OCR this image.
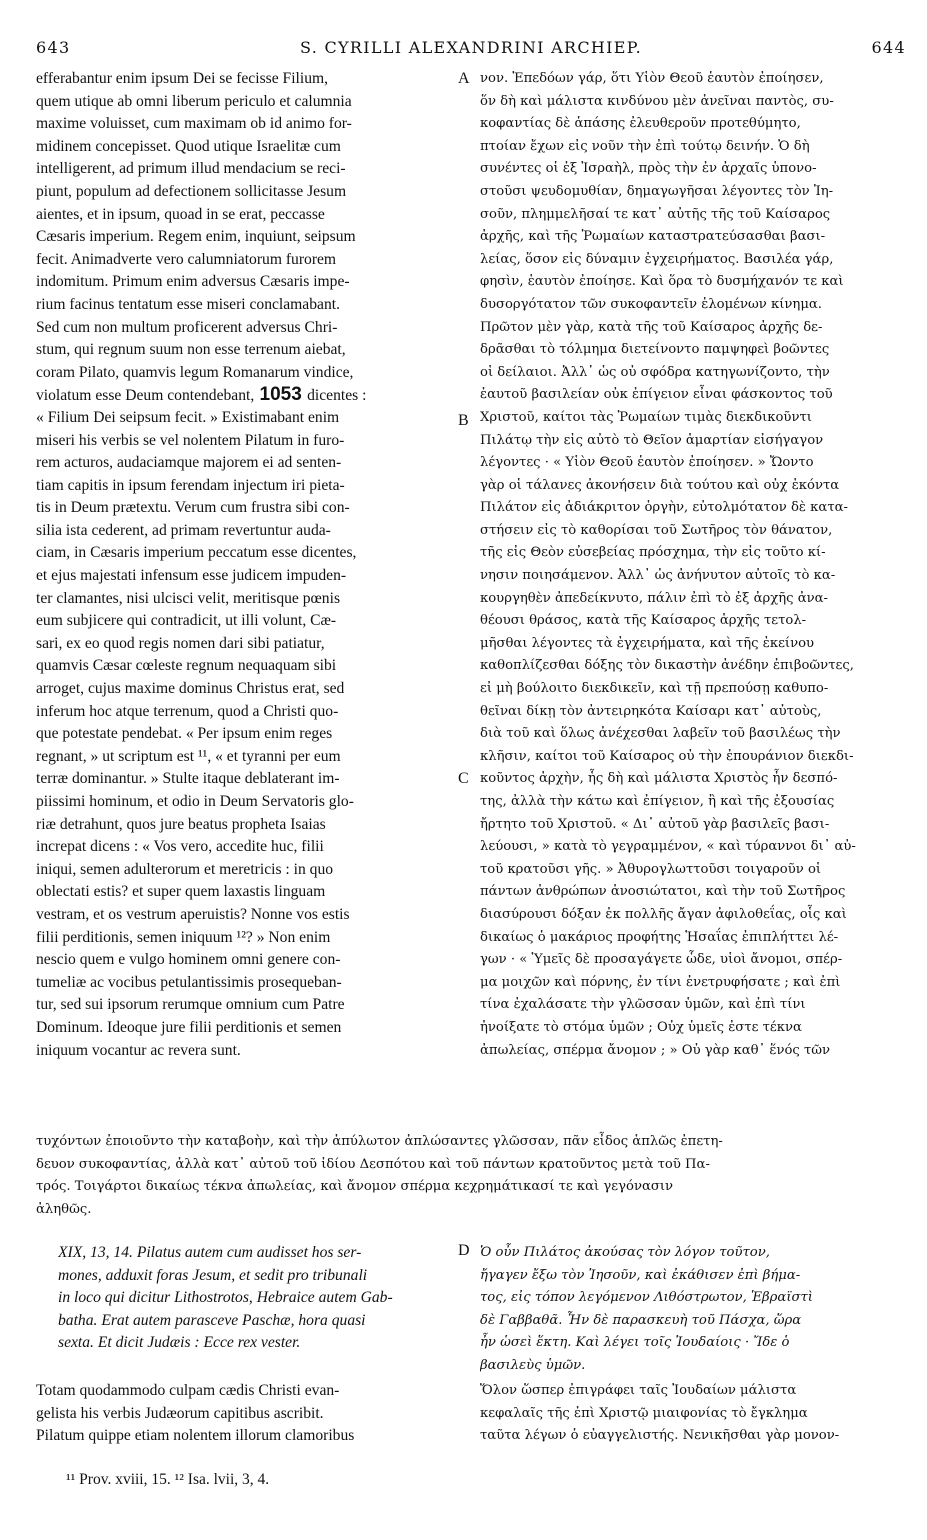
643	S. CYRILLI ALEXANDRINI ARCHIEP.	644
efferabantur enim ipsum Dei se fecisse Filium,
quem utique ab omni liberum periculo et calumnia
maxime voluisset, cum maximam ob id animo for-
midinem concepisset. Quod utique Israelitæ cum
intelligerent, ad primum illud mendacium se reci-
piunt, populum ad defectionem sollicitasse Jesum
aientes, et in ipsum, quoad in se erat, peccasse
Cæsaris imperium. Regem enim, inquiunt, seipsum
fecit. Animadverte vero calumniatorum furorem
indomitum. Primum enim adversus Cæsaris impe-
rium facinus tentatum esse miseri conclamabant.
Sed cum non multum proficerent adversus Chri-
stum, qui regnum suum non esse terrenum aiebat,
coram Pilato, quamvis legum Romanarum vindice,
violatum esse Deum contendebant, 1053 dicentes :
« Filium Dei seipsum fecit. » Existimabant enim
miseri his verbis se vel nolentem Pilatum in furo-
rem acturos, audaciamque majorem ei ad senten-
tiam capitis in ipsum ferendam injectum iri pieta-
tis in Deum prætextu. Verum cum frustra sibi con-
silia ista cederent, ad primam revertuntur auda-
ciam, in Cæsaris imperium peccatum esse dicentes,
et ejus majestati infensum esse judicem impuden-
ter clamantes, nisi ulcisci velit, meritisque pœnis
eum subjicere qui contradicit, ut illi volunt, Cæ-
sari, ex eo quod regis nomen dari sibi patiatur,
quamvis Cæsar cœleste regnum nequaquam sibi
arroget, cujus maxime dominus Christus erat, sed
inferum hoc atque terrenum, quod a Christi quo-
que potestate pendebat. « Per ipsum enim reges
regnant, » ut scriptum est ¹¹, « et tyranni per eum
terræ dominantur. » Stulte itaque deblaterant im-
piissimi hominum, et odio in Deum Servatoris glo-
riæ detrahunt, quos jure beatus propheta Isaias
increpat dicens : « Vos vero, accedite huc, filii
iniqui, semen adulterorum et meretricis : in quo
oblectati estis? et super quem laxastis linguam
vestram, et os vestrum aperuistis? Nonne vos estis
filii perditionis, semen iniquum ¹²? » Non enim
nescio quem e vulgo hominem omni genere con-
tumeliæ ac vocibus petulantissimis prosequeban-
tur, sed sui ipsorum rerumque omnium cum Patre
Dominum. Ideoque jure filii perditionis et semen
iniquum vocantur ac revera sunt.
νον. Ἐπεδόων γάρ, ὅτι Υἱὸν Θεοῦ ἑαυτὸν ἐποίησεν,
ὅν δὴ καὶ μάλιστα κινδύνου μὲν ἀνεῖναι παντὸς, συ-
κοφαντίας δὲ ἁπάσης ἐλευθεροῦν προτεθύμητο,
πτοίαν ἔχων εἰς νοῦν τὴν ἐπὶ τούτῳ δεινήν. Ὁ δὴ
συνέντες οἱ ἐξ Ἰσραὴλ, πρὸς τὴν ἐν ἀρχαῖς ὑπονο-
στοῦσι ψευδομυθίαν, δημαγωγῆσαι λέγοντες τὸν Ἰη-
σοῦν, πλημμελῆσαί τε κατ᾽ αὐτῆς τῆς τοῦ Καίσαρος
ἀρχῆς, καὶ τῆς Ῥωμαίων καταστρατεύσασθαι βασι-
λείας, ὅσον εἰς δύναμιν ἐγχειρήματος. Βασιλέα γάρ,
φησὶν, ἑαυτὸν ἐποίησε. Καὶ ὅρα τὸ δυσμήχανόν τε καὶ
δυσοργότατον τῶν συκοφαντεῖν ἑλομένων κίνημα.
Πρῶτον μὲν γὰρ, κατὰ τῆς τοῦ Καίσαρος ἀρχῆς δε-
δρᾶσθαι τὸ τόλμημα διετείνοντο παμψηφεὶ βοῶντες
οἱ δείλαιοι. Ἀλλ᾽ ὡς οὐ σφόδρα κατηγωνίζοντο, τὴν
ἑαυτοῦ βασιλείαν οὐκ ἐπίγειον εἶναι φάσκοντος τοῦ
Χριστοῦ, καίτοι τὰς Ῥωμαίων τιμὰς διεκδικοῦντι
Πιλάτῳ τὴν εἰς αὐτὸ τὸ Θεῖον ἁμαρτίαν εἰσήγαγον
λέγοντες · « Υἱὸν Θεοῦ ἑαυτὸν ἐποίησεν. » Ὤοντο
γὰρ οἱ τάλανες ἀκονήσειν διὰ τούτου καὶ οὐχ ἑκόντα
Πιλάτον εἰς ἀδιάκριτον ὀργὴν, εὐτολμότατον δὲ κατα-
στήσειν εἰς τὸ καθορίσαι τοῦ Σωτῆρος τὸν θάνατον,
τῆς εἰς Θεὸν εὐσεβείας πρόσχημα, τὴν εἰς τοῦτο κί-
νησιν ποιησάμενον. Ἀλλ᾽ ὡς ἀνήνυτον αὐτοῖς τὸ κα-
κουργηθὲν ἀπεδείκνυτο, πάλιν ἐπὶ τὸ ἐξ ἀρχῆς ἀνα-
θέουσι θράσος, κατὰ τῆς Καίσαρος ἀρχῆς τετολ-
μῆσθαι λέγοντες τὰ ἐγχειρήματα, καὶ τῆς ἐκείνου
καθοπλίζεσθαι δόξης τὸν δικαστὴν ἀνέδην ἐπιβοῶντες,
εἰ μὴ βούλοιτο διεκδικεῖν, καὶ τῇ πρεπούσῃ καθυπο-
θεῖναι δίκῃ τὸν ἀντειρηκότα Καίσαρι κατ᾽ αὐτοὺς,
διὰ τοῦ καὶ ὅλως ἀνέχεσθαι λαβεῖν τοῦ βασιλέως τὴν
κλῆσιν, καίτοι τοῦ Καίσαρος οὐ τὴν ἐπουράνιον διεκδι-
κοῦντος ἀρχὴν, ἧς δὴ καὶ μάλιστα Χριστὸς ἦν δεσπό-
της, ἀλλὰ τὴν κάτω καὶ ἐπίγειον, ἢ καὶ τῆς ἐξουσίας
ἤρτητο τοῦ Χριστοῦ. « Δι᾽ αὐτοῦ γὰρ βασιλεῖς βασι-
λεύουσι, » κατὰ τὸ γεγραμμένον, « καὶ τύραννοι δι᾽ αὐ-
τοῦ κρατοῦσι γῆς. » Ἀθυρογλωττοῦσι τοιγαροῦν οἱ
πάντων ἀνθρώπων ἀνοσιώτατοι, καὶ τὴν τοῦ Σωτῆρος
διασύρουσι δόξαν ἐκ πολλῆς ἄγαν ἀφιλοθεΐας, οἷς καὶ
δικαίως ὁ μακάριος προφήτης Ἡσαΐας ἐπιπλήττει λέ-
γων · « Ὑμεῖς δὲ προσαγάγετε ὧδε, υἱοὶ ἄνομοι, σπέρ-
μα μοιχῶν καὶ πόρνης, ἐν τίνι ἐνετρυφήσατε ; καὶ ἐπὶ
τίνα ἐχαλάσατε τὴν γλῶσσαν ὑμῶν, καὶ ἐπὶ τίνι
ἠνοίξατε τὸ στόμα ὑμῶν ; Οὐχ ὑμεῖς ἐστε τέκνα
ἀπωλείας, σπέρμα ἄνομον ; » Οὐ γὰρ καθ᾽ ἕνός τῶν
A
B
C
D
τυχόντων ἐποιοῦντο τὴν καταβοὴν, καὶ τὴν ἀπύλωτον ἀπλώσαντες γλῶσσαν, πᾶν εἶδος ἁπλῶς ἐπετη-
δευον συκοφαντίας, ἀλλὰ κατ᾽ αὐτοῦ τοῦ ἰδίου Δεσπότου καὶ τοῦ πάντων κρατοῦντος μετὰ τοῦ Πα-
τρός. Τοιγάρτοι δικαίως τέκνα ἀπωλείας, καὶ ἄνομον σπέρμα κεχρημάτικασί τε καὶ γεγόνασιν
ἀληθῶς.
XIX, 13, 14. Pilatus autem cum audisset hos ser-
mones, adduxit foras Jesum, et sedit pro tribunali
in loco qui dicitur Lithostrotos, Hebraice autem Gab-
batha. Erat autem parasceve Paschæ, hora quasi
sexta. Et dicit Judæis : Ecce rex vester.
Ὁ οὖν Πιλάτος ἀκούσας τὸν λόγον τοῦτον,
ἤγαγεν ἔξω τὸν Ἰησοῦν, καὶ ἐκάθισεν ἐπὶ βήμα-
τος, εἰς τόπον λεγόμενον Λιθόστρωτον, Ἑβραϊστὶ
δὲ Γαββαθᾶ. Ἦν δὲ παρασκευὴ τοῦ Πάσχα, ὥρα
ἦν ὡσεὶ ἕκτη. Καὶ λέγει τοῖς Ἰουδαίοις · Ἴδε ὁ
βασιλεὺς ὑμῶν.
Totam quodammodo culpam cædis Christi evan-
gelista his verbis Judæorum capitibus ascribit.
Pilatum quippe etiam nolentem illorum clamoribus
Ὅλον ὥσπερ ἐπιγράφει ταῖς Ἰουδαίων μάλιστα
κεφαλαῖς τῆς ἐπὶ Χριστῷ μιαιφονίας τὸ ἔγκλημα
ταῦτα λέγων ὁ εὐαγγελιστής. Νενικῆσθαι γὰρ μονον-
¹¹ Prov. xviii, 15. ¹² Isa. lvii, 3, 4.
